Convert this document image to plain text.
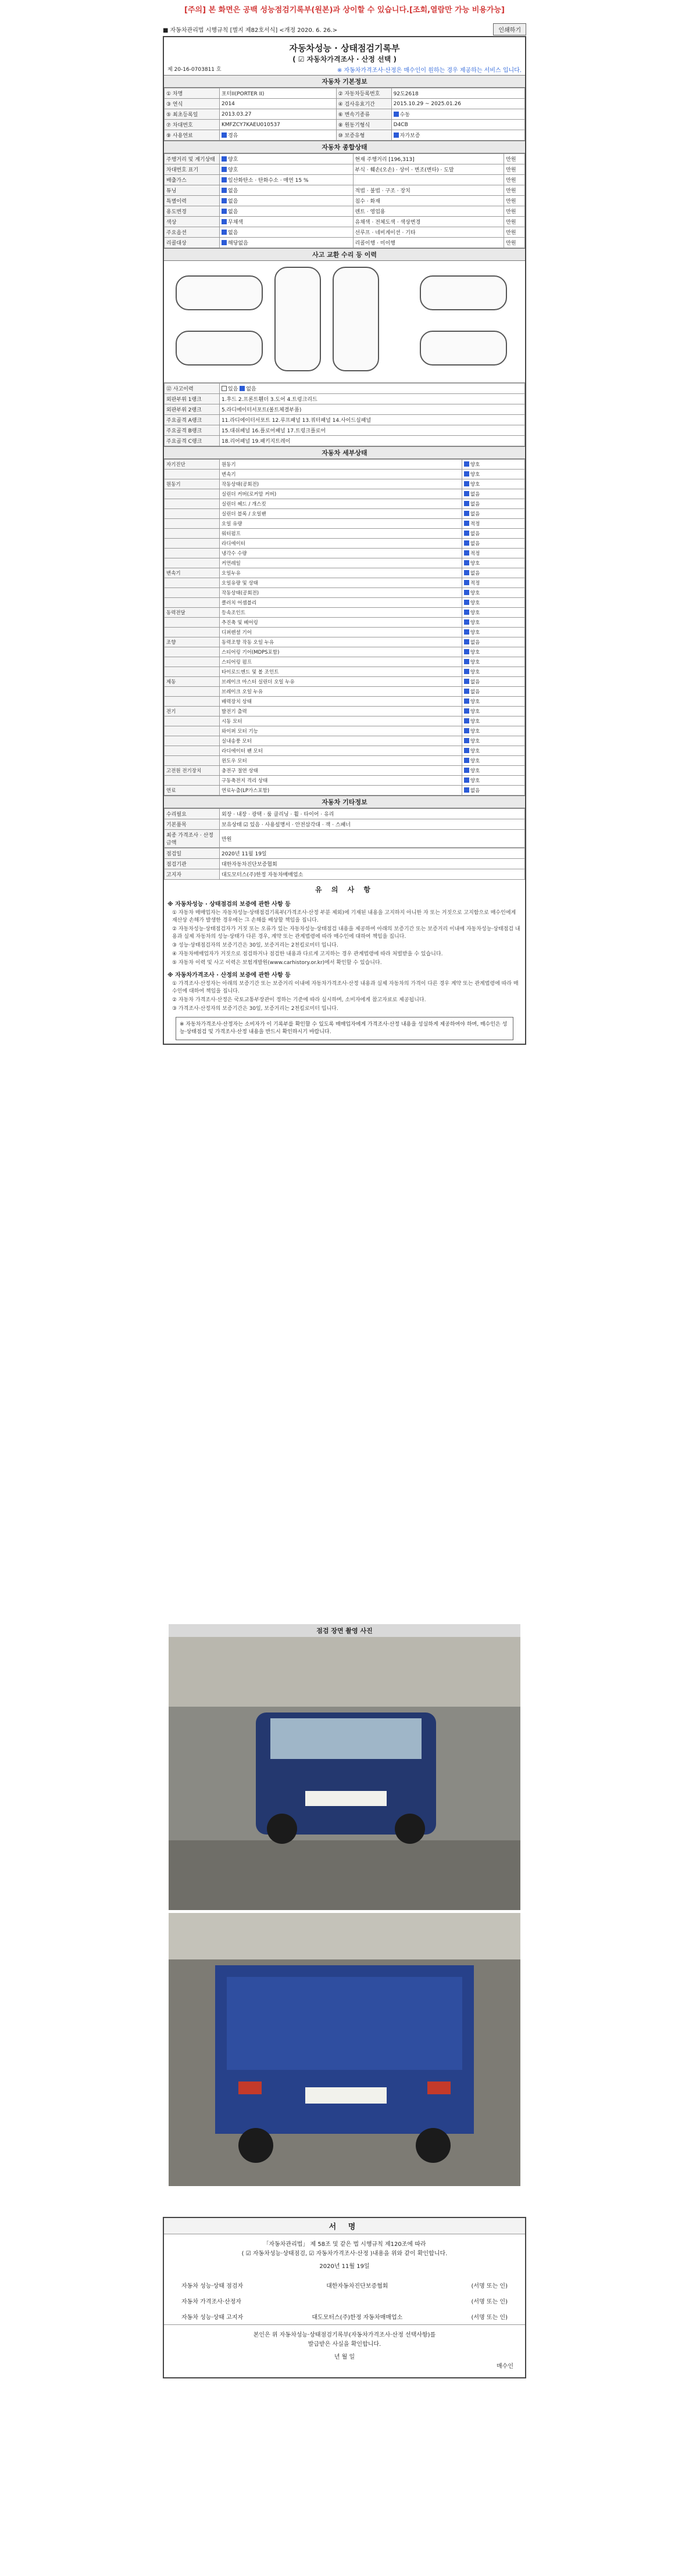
[주의] 본 화면은 공백 성능점검기록부(원본)과 상이할 수 있습니다.[조회,열람만 가능 비용가능]
■ 자동차관리법 시행규칙 [별지 제82호서식] <개정 2020. 6. 26.>	인쇄하기
자동차성능 · 상태점검기록부
( ☑ 자동차가격조사 · 산정 선택 )
제 20-16-0703811 호	※ 자동차가격조사·산정은 매수인이 원하는 경우 제공하는 서비스 입니다.
자동차 기본정보
① 차명	포터II(PORTER II)	② 자동차등록번호	92도2618
③ 연식	2014	④ 검사유효기간	2015.10.29 ~ 2025.01.26
⑤ 최초등록일	2013.03.27	⑥ 변속기종류	수동
⑦ 차대번호	KMFZCY7KAEU010537	⑧ 원동기형식	D4CB
⑨ 사용연료	경유	⑩ 보증유형	자가보증
자동차 종합상태
주행거리 및 계기상태	양호	현재 주행거리 [196,313]	만원
차대번호 표기	양호	부식 · 훼손(오손) · 상이 · 변조(변타) · 도말	만원
배출가스	일산화탄소 · 탄화수소 · 매연 15 %		만원
튜닝	없음	적법 · 불법 · 구조 · 장치	만원
특별이력	없음	침수 · 화재	만원
용도변경	없음	렌트 · 영업용	만원
색상	무채색	유채색 · 전체도색 · 색상변경	만원
주요옵션	없음	선루프 · 네비게이션 · 기타	만원
리콜대상	해당없음	리콜이행 · 미이행	만원
사고 교환 수리 등 이력
⑫ 사고이력	있음 없음
외판부위 1랭크	1.후드 2.프론트휀더 3.도어 4.트렁크리드
외판부위 2랭크	5.라디에이터서포트(볼트체결부품)
주요골격 A랭크	11.라디에이터서포트 12.루프패널 13.쿼터패널 14.사이드실패널
주요골격 B랭크	15.대쉬패널 16.플로어패널 17.트렁크플로어
주요골격 C랭크	18.리어패널 19.패키지트레이
자동차 세부상태
자기진단	원동기	양호
	변속기	양호
원동기	작동상태(공회전)	양호
	실린더 커버(로커암 커버)	없음
	실린더 헤드 / 개스킷	없음
	실린더 블록 / 오일팬	없음
	오일 유량	적정
	워터펌프	없음
	라디에이터	없음
	냉각수 수량	적정
	커먼레일	양호
변속기	오일누유	없음
	오일유량 및 상태	적정
	작동상태(공회전)	양호
	클러치 어셈블리	양호
동력전달	등속조인트	양호
	추진축 및 베어링	양호
	디퍼렌셜 기어	양호
조향	동력조향 작동 오일 누유	없음
	스티어링 기어(MDPS포함)	양호
	스티어링 펌프	양호
	타이로드엔드 및 볼 조인트	양호
제동	브레이크 마스터 실린더 오일 누유	없음
	브레이크 오일 누유	없음
	배력장치 상태	양호
전기	발전기 출력	양호
	시동 모터	양호
	와이퍼 모터 기능	양호
	실내송풍 모터	양호
	라디에이터 팬 모터	양호
	윈도우 모터	양호
고전원 전기장치	충전구 절연 상태	양호
	구동축전지 격리 상태	양호
연료	연료누출(LP가스포함)	없음
자동차 기타정보
수리필요	외장 · 내장 · 광택 · 룸 클리닝 · 휠 · 타이어 · 유리
기본품목	보유상태 ☑ 있음 · 사용설명서 · 안전삼각대 · 잭 · 스패너
최종 가격조사 · 산정 금액	만원
점검일	2020년 11월 19일
점검기관	대한자동차진단보증협회
고지자	대도모터스(주)한정 자동차매매업소
유 의 사 항
※ 자동차성능 · 상태점검의 보증에 관한 사항 등
① 자동차 매매업자는 자동차성능·상태점검기록부(가격조사·산정 부분 제외)에 기재된 내용을 고지하지 아니한 자 또는 거짓으로 고지함으로 매수인에게 재산상 손해가 발생한 경우에는 그 손해를 배상할 책임을 집니다.
② 자동차성능·상태점검자가 거짓 또는 오류가 있는 자동차성능·상태점검 내용을 제공하여 아래의 보증기간 또는 보증거리 이내에 자동차성능·상태점검 내용과 실제 자동차의 성능·상태가 다른 경우, 계약 또는 관계법령에 따라 매수인에 대하여 책임을 집니다.
③ 성능·상태점검자의 보증기간은 30일, 보증거리는 2천킬로미터 입니다.
④ 자동차매매업자가 거짓으로 점검하거나 점검한 내용과 다르게 고지하는 경우 관계법령에 따라 처벌받을 수 있습니다.
⑤ 자동차 이력 및 사고 이력은 보험개발원(www.carhistory.or.kr)에서 확인할 수 있습니다.
※ 자동차가격조사 · 산정의 보증에 관한 사항 등
① 가격조사·산정자는 아래의 보증기간 또는 보증거리 이내에 자동차가격조사·산정 내용과 실제 자동차의 가격이 다른 경우 계약 또는 관계법령에 따라 매수인에 대하여 책임을 집니다.
② 자동차 가격조사·산정은 국토교통부장관이 정하는 기준에 따라 실시하며, 소비자에게 참고자료로 제공됩니다.
③ 가격조사·산정자의 보증기간은 30일, 보증거리는 2천킬로미터 입니다.
※ 자동차가격조사·산정자는 소비자가 이 기록부를 확인할 수 있도록 매매업자에게 가격조사·산정 내용을 성실하게 제공하여야 하며, 매수인은 성능·상태점검 및 가격조사·산정 내용을 반드시 확인하시기 바랍니다.
점검 장면 촬영 사진
서 명
「자동차관리법」 제 58조 및 같은 법 시행규칙 제120조에 따라
( ☑ 자동차성능·상태점검, ☑ 자동차가격조사·산정 )내용을 위와 같이 확인합니다.
2020년 11월 19일
자동차 성능·상태 점검자	대한자동차진단보증협회	(서명 또는 인)
자동차 가격조사·산정자	(서명 또는 인)
자동차 성능·상태 고지자	대도모터스(주)한정 자동차매매업소	(서명 또는 인)
본인은 위 자동차성능·상태점검기록부(자동차가격조사·산정 선택사항)를
발급받은 사실을 확인합니다.
년 월 일
매수인
